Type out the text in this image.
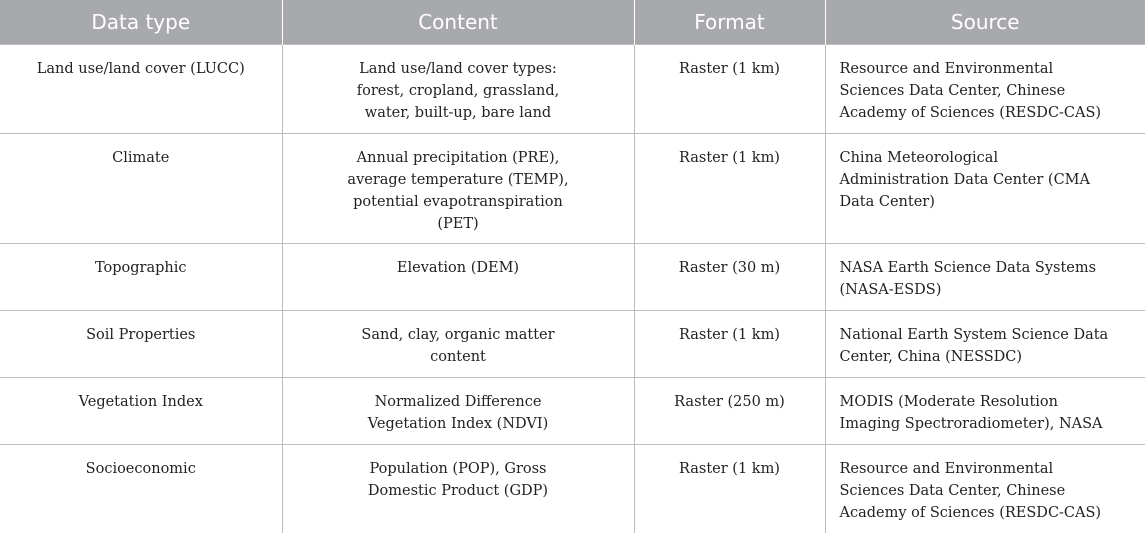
Data type	Content	Format	Source
Land use/land cover (LUCC)	Land use/land cover types: forest, cropland, grassland, water, built-up, bare land	Raster (1 km)	Resource and Environmental Sciences Data Center, Chinese Academy of Sciences (RESDC-CAS)
Climate	Annual precipitation (PRE), average temperature (TEMP), potential evapotranspiration (PET)	Raster (1 km)	China Meteorological Administration Data Center (CMA Data Center)
Topographic	Elevation (DEM)	Raster (30 m)	NASA Earth Science Data Systems (NASA-ESDS)
Soil Properties	Sand, clay, organic matter content	Raster (1 km)	National Earth System Science Data Center, China (NESSDC)
Vegetation Index	Normalized Difference Vegetation Index (NDVI)	Raster (250 m)	MODIS (Moderate Resolution Imaging Spectroradiometer), NASA
Socioeconomic	Population (POP), Gross Domestic Product (GDP)	Raster (1 km)	Resource and Environmental Sciences Data Center, Chinese Academy of Sciences (RESDC-CAS)
